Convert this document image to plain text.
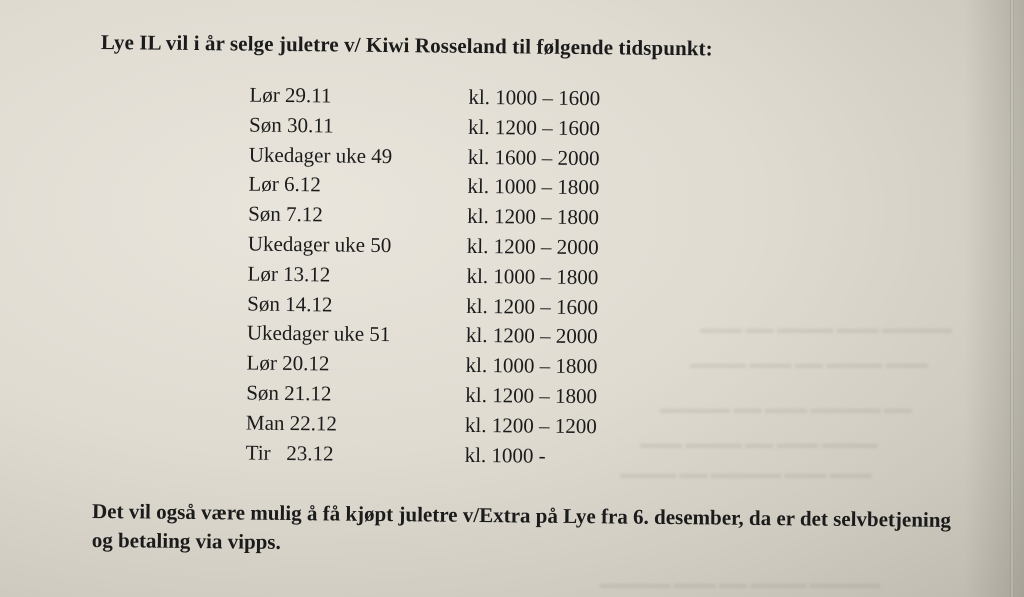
▬▬▬ ▬▬ ▬▬▬▬ ▬▬▬ ▬▬▬▬▬
▬▬▬▬ ▬▬▬ ▬▬ ▬▬▬▬ ▬▬▬
▬▬▬▬▬ ▬▬ ▬▬▬ ▬▬▬▬▬ ▬▬
▬▬▬ ▬▬▬▬ ▬▬ ▬▬▬ ▬▬▬▬
▬▬▬▬ ▬▬ ▬▬▬▬▬ ▬▬▬ ▬▬▬
▬▬▬▬▬ ▬▬▬ ▬▬ ▬▬▬▬ ▬▬▬▬▬

Lye IL vil i år selge juletre v/ Kiwi Rosseland til følgende tidspunkt:

Lør 29.11	kl. 1000 – 1600
Søn 30.11	kl. 1200 – 1600
Ukedager uke 49	kl. 1600 – 2000
Lør 6.12	kl. 1000 – 1800
Søn 7.12	kl. 1200 – 1800
Ukedager uke 50	kl. 1200 – 2000
Lør 13.12	kl. 1000 – 1800
Søn 14.12	kl. 1200 – 1600
Ukedager uke 51	kl. 1200 – 2000
Lør 20.12	kl. 1000 – 1800
Søn 21.12	kl. 1200 – 1800
Man 22.12	kl. 1200 – 1200
Tir   23.12	kl. 1000 -

Det vil også være mulig å få kjøpt juletre v/Extra på Lye fra 6. desember, da er det selvbetjening og betaling via vipps.
